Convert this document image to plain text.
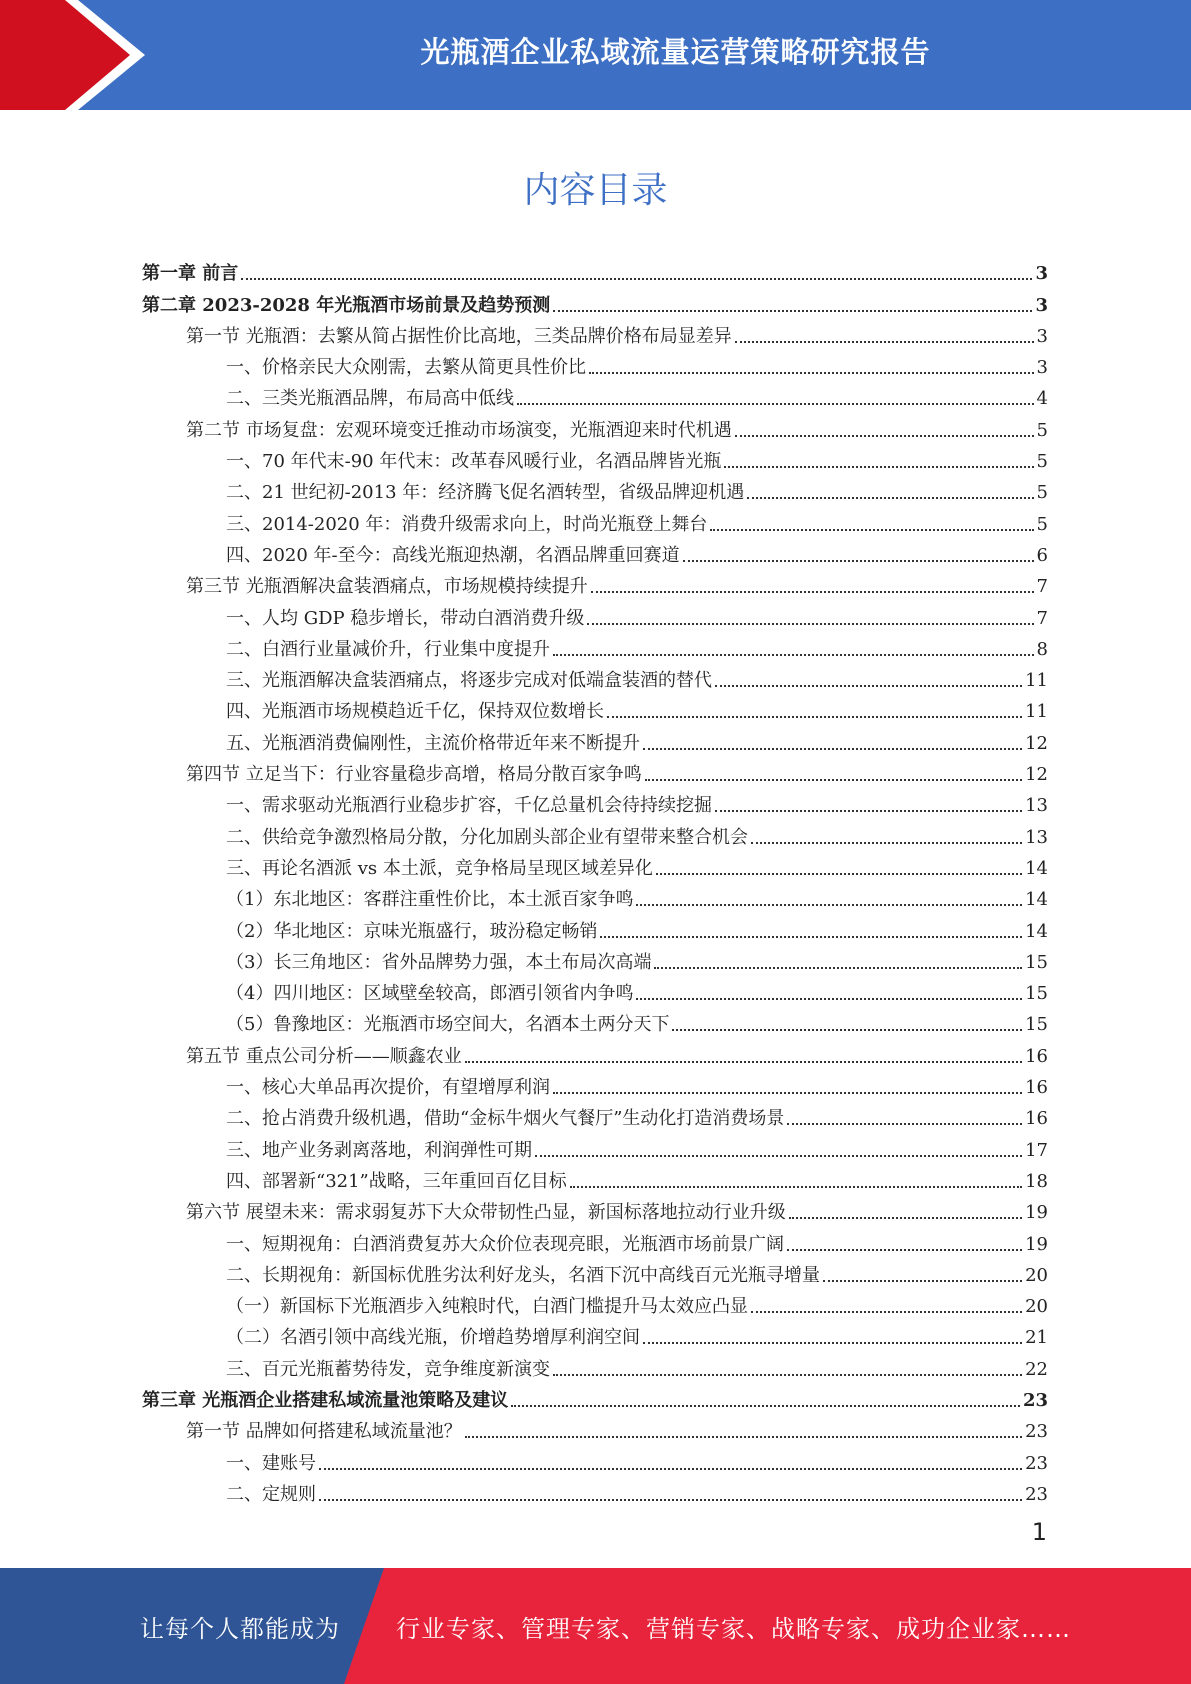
光瓶酒企业私域流量运营策略研究报告
内容目录
第一章 前言	3
第二章 2023-2028 年光瓶酒市场前景及趋势预测	3
第一节 光瓶酒：去繁从简占据性价比高地，三类品牌价格布局显差异	3
一、价格亲民大众刚需，去繁从简更具性价比	3
二、三类光瓶酒品牌，布局高中低线	4
第二节 市场复盘：宏观环境变迁推动市场演变，光瓶酒迎来时代机遇	5
一、70 年代末-90 年代末：改革春风暖行业，名酒品牌皆光瓶	5
二、21 世纪初-2013 年：经济腾飞促名酒转型，省级品牌迎机遇	5
三、2014-2020 年：消费升级需求向上，时尚光瓶登上舞台	5
四、2020 年-至今：高线光瓶迎热潮，名酒品牌重回赛道	6
第三节 光瓶酒解决盒装酒痛点，市场规模持续提升	7
一、人均 GDP 稳步增长，带动白酒消费升级	7
二、白酒行业量减价升，行业集中度提升	8
三、光瓶酒解决盒装酒痛点，将逐步完成对低端盒装酒的替代	11
四、光瓶酒市场规模趋近千亿，保持双位数增长	11
五、光瓶酒消费偏刚性，主流价格带近年来不断提升	12
第四节 立足当下：行业容量稳步高增，格局分散百家争鸣	12
一、需求驱动光瓶酒行业稳步扩容，千亿总量机会待持续挖掘	13
二、供给竞争激烈格局分散，分化加剧头部企业有望带来整合机会	13
三、再论名酒派 vs 本土派，竞争格局呈现区域差异化	14
（1）东北地区：客群注重性价比，本土派百家争鸣	14
（2）华北地区：京味光瓶盛行，玻汾稳定畅销	14
（3）长三角地区：省外品牌势力强，本土布局次高端	15
（4）四川地区：区域壁垒较高，郎酒引领省内争鸣	15
（5）鲁豫地区：光瓶酒市场空间大，名酒本土两分天下	15
第五节 重点公司分析——顺鑫农业	16
一、核心大单品再次提价，有望增厚利润	16
二、抢占消费升级机遇，借助“金标牛烟火气餐厅”生动化打造消费场景	16
三、地产业务剥离落地，利润弹性可期	17
四、部署新“321”战略，三年重回百亿目标	18
第六节 展望未来：需求弱复苏下大众带韧性凸显，新国标落地拉动行业升级	19
一、短期视角：白酒消费复苏大众价位表现亮眼，光瓶酒市场前景广阔	19
二、长期视角：新国标优胜劣汰利好龙头，名酒下沉中高线百元光瓶寻增量	20
（一）新国标下光瓶酒步入纯粮时代，白酒门槛提升马太效应凸显	20
（二）名酒引领中高线光瓶，价增趋势增厚利润空间	21
三、百元光瓶蓄势待发，竞争维度新演变	22
第三章 光瓶酒企业搭建私域流量池策略及建议	23
第一节 品牌如何搭建私域流量池？	23
一、建账号	23
二、定规则	23
1
让每个人都能成为 行业专家、管理专家、营销专家、战略专家、成功企业家……
